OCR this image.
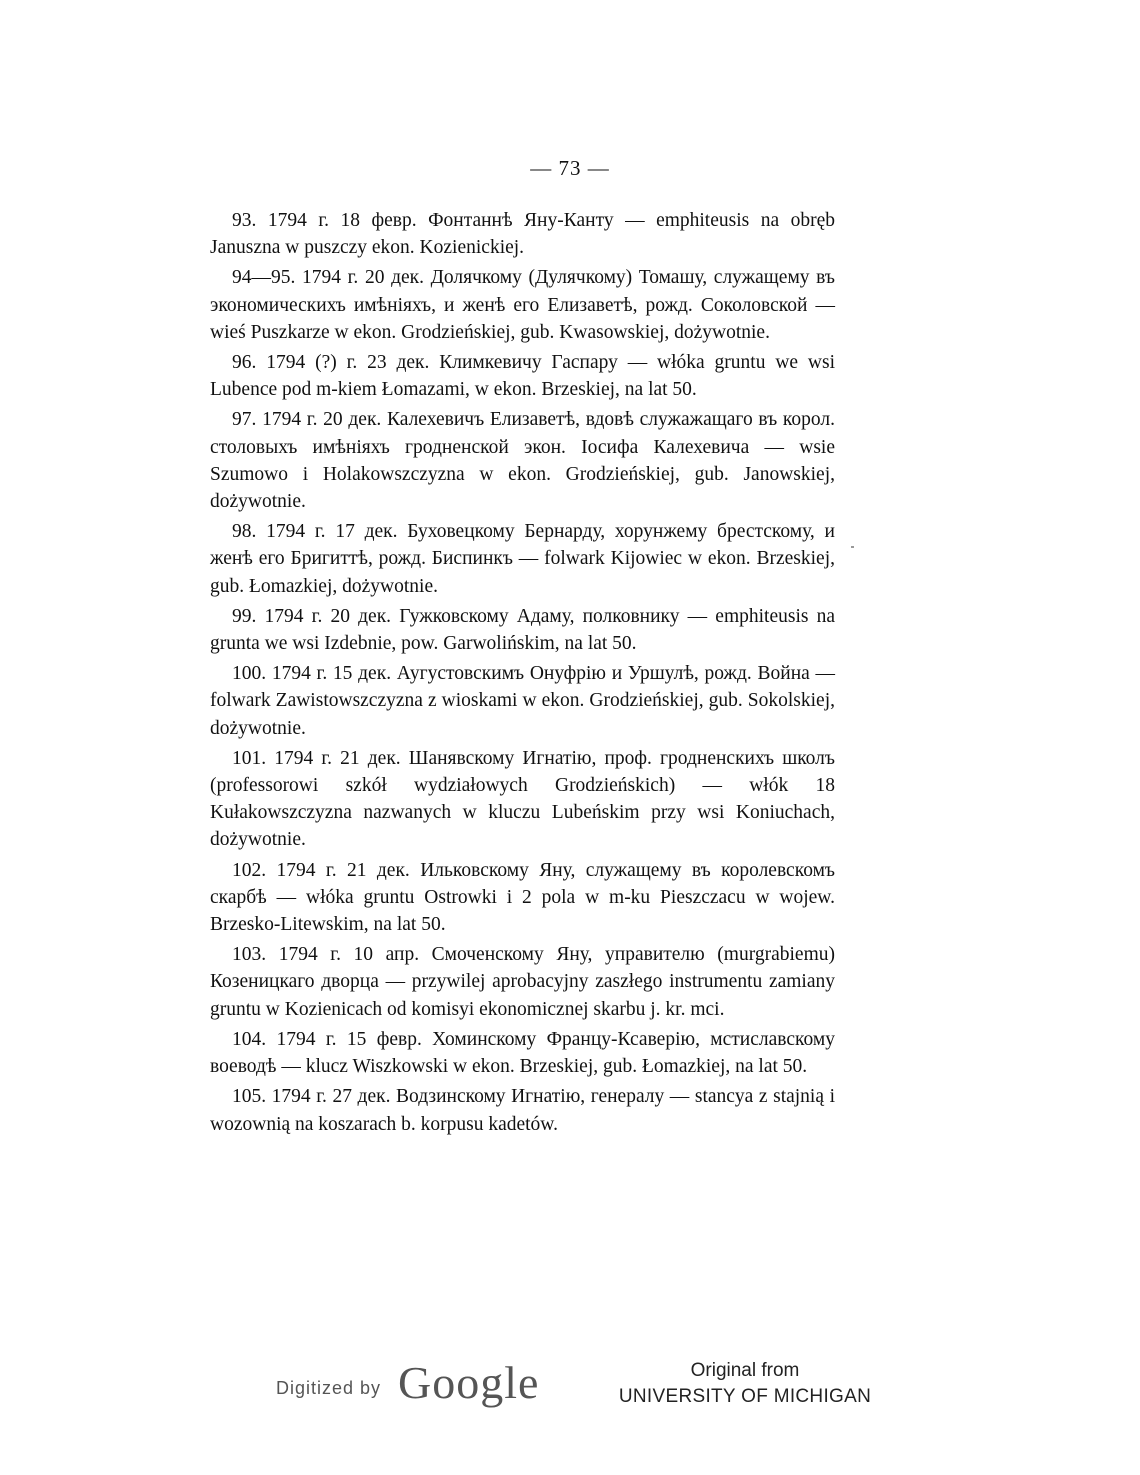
— 73 —

93. 1794 г. 18 февр. Фонтаннѣ Яну-Канту — emphiteusis na obręb Januszna w puszczy ekon. Kozienickiej.

94—95. 1794 г. 20 дек. Долячкому (Дулячкому) Томашу, служащему въ экономическихъ имѣніяхъ, и женѣ его Елизаветѣ, рожд. Соколовской — wieś Puszkarze w ekon. Grodzieńskiej, gub. Kwasowskiej, dożywotnie.

96. 1794 (?) г. 23 дек. Климкевичу Гаспару — włóka gruntu we wsi Lubence pod m-kiem Łomazami, w ekon. Brzeskiej, na lat 50.

97. 1794 г. 20 дек. Калехевичъ Елизаветѣ, вдовѣ служажащаго въ корол. столовыхъ имѣніяхъ гродненской экон. Іосифа Калехевича — wsie Szumowo i Holakowszczyzna w ekon. Grodzieńskiej, gub. Janowskiej, dożywotnie.

98. 1794 г. 17 дек. Буховецкому Бернарду, хорунжему брестскому, и женѣ его Бригиттѣ, рожд. Биспинкъ — folwark Kijowiec w ekon. Brzeskiej, gub. Łomazkiej, dożywotnie.

99. 1794 г. 20 дек. Гужковскому Адаму, полковнику — emphiteusis na grunta we wsi Izdebnie, pow. Garwolińskim, na lat 50.

100. 1794 г. 15 дек. Аугустовскимъ Онуфрію и Уршулѣ, рожд. Война — folwark Zawistowszczyzna z wioskami w ekon. Grodzieńskiej, gub. Sokolskiej, dożywotnie.

101. 1794 г. 21 дек. Шанявскому Игнатію, проф. гродненскихъ школъ (professorowi szkół wydziałowych Grodzieńskich) — włók 18 Kułakowszczyzna nazwanych w kluczu Lubeńskim przy wsi Koniuchach, dożywotnie.

102. 1794 г. 21 дек. Ильковскому Яну, служащему въ королевскомъ скарбѣ — włóka gruntu Ostrowki i 2 pola w m-ku Pieszczacu w wojew. Brzesko-Litewskim, na lat 50.

103. 1794 г. 10 апр. Смоченскому Яну, управителю (murgrabiemu) Козеницкаго дворца — przywilej aprobacyjny zaszłego instrumentu zamiany gruntu w Kozienicach od komisyi ekonomicznej skarbu j. kr. mci.

104. 1794 г. 15 февр. Хоминскому Францу-Ксаверію, мстиславскому воеводѣ — klucz Wiszkowski w ekon. Brzeskiej, gub. Łomazkiej, na lat 50.

105. 1794 г. 27 дек. Водзинскому Игнатію, генералу — stancya z stajnią i wozownią na koszarach b. korpusu kadetów.

Digitized by Google	Original from
UNIVERSITY OF MICHIGAN
